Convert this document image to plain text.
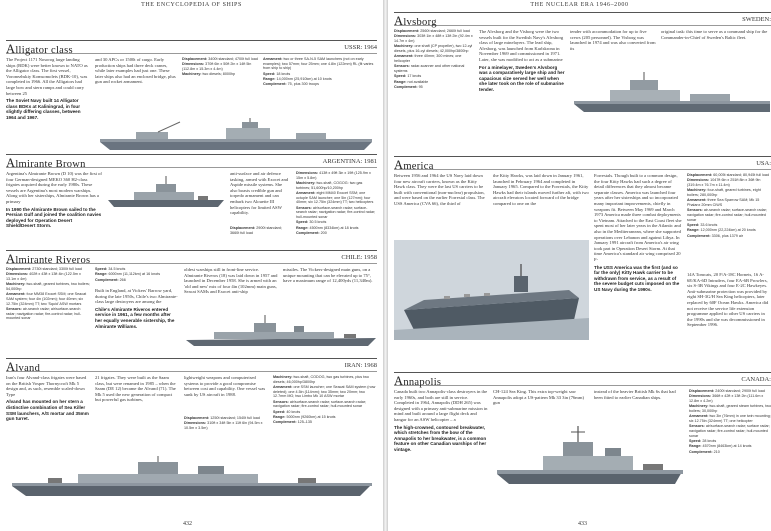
THE ENCYCLOPEDIA OF SHIPS
Alligator class	USSR: 1964

The Project 1171 Nosorog large landing ships (BDK) were better known to NATO as the Alligator class. The first vessel, Voronezhskiy Komsomolets (BDK-10), was completed in 1966. All the Alligators had large bow and stern ramps and could carry between 25

The Soviet Navy built 14 Alligator class BDKs at Kaliningrad, in four slightly differing classes, between 1964 and 1967.

and 30 APCs or 1500t of cargo. Early production ships had three deck cranes, while later examples had just one. These later ships also had an enclosed bridge, plus gun and rocket armament.

Displacement: 3400t standard; 4700t full load
Dimensions: 370ft 6in x 50ft 2in x 14ft 5in (112.8m x 15.3m x 4.4m)
Machinery: two diesels; 8000hp
Armament: two or three SA-N-5 SAM launchers (not on early examples); two 57mm; four 25mm; one 4.8in (122mm) RL (fit varies from ship to ship)
Speed: 18 knots
Range: 14,000nm (25,910km) at 10 knots
Complement: 75, plus 300 troops
Almirante Brown	ARGENTINA: 1981

Argentina's Almirante Brown (D 10) was the first of four German-designed MEKO 360 H2-class frigates acquired during the early 1980s. These vessels are Argentina's most modern warships. Along with her sisterships, Almirante Brown has a primary

In 1990 the Almirante Brown sailed to the Persian Gulf and joined the coalition navies deployed for Operation Desert Shield/Desert Storm.

anti-surface and air defence tasking, armed with Exocet and Aspide missile systems. She also boasts credible gun and torpedo armament and can embark two Alouette III helicopters for limited ASW capability.

Displacement: 2900t standard; 3660t full load
Dimensions: 413ft x 49ft 3in x 19ft (125.9m x 15m x 5.8m)
Machinery: two-shaft, COGOG: two gas turbines; 51,600hp/10,200hp
Armament: eight MM40 Exocet SSM; one octuple SAM launcher; one 5in (127mm); four 40mm; six 12.75in (324mm) TT; two helicopters
Sensors: air/surface-search radar; surface-search radar; navigation radar; fire-control radar; hull-mounted sonar
Speed: 30.5 knots
Range: 4500nm (8334km) at 18 knots
Complement: 200
Almirante Riveros	CHILE: 1958
Displacement: 2730t standard; 3300t full load
Dimensions: 402ft x 43ft x 13ft 4in (122.5m x 13.1m x 4m)
Machinery: two-shaft, geared turbines, two boilers; 54,000hp
Armament: four MM38 Exocet SSM; one Seacat SAM system; four 4in (102mm); four 40mm; six 12.75in (324mm) TT; two 'Squid' ASW mortars
Sensors: air-search radar; air/surface-search radar; navigation radar; fire-control radar; hull-mounted sonar
Speed: 34.5 knots
Range: 6000nm (11,112km) at 16 knots
Complement: 266

Built in England, at Vickers' Barrow yard, during the late 1950s, Chile's two Almirante-class large destroyers are among the

Chile's Almirante Riveros entered service in 1961, a few months after her equally venerable sistership, the Almirante Williams.

oldest warships still in front-line service. Almirante Riveros (18) was laid down in 1957 and launched in December 1958. She is armed with an 'old and new' mix of four 4in (102mm) main guns, Seacat SAMs and Exocet anti-ship

missiles. The Vickers-designed main guns, on a unique mounting that can be elevated up to 75°, have a maximum range of 12,400yds (11,340m).

Alvand	IRAN: 1968

Iran's four Alvand-class frigates were based on the British Vosper Thornycroft Mk 5 design and, as such, resemble scaled-down Type

Alvand has mounted on her stern a distinctive combination of Sea Killer SSM launchers, A/S mortar and 35mm gun turret.

21 frigates. They were built as the Saam class, but were renamed in 1985 – when the Saam (DE 12) became the Alvand (71). The Mk 5 used the new generation of compact but powerful gas turbines,

lightweight weapons and computerised systems to provide a good compromise between cost and capability. One vessel was sunk by US aircraft in 1988.

Displacement: 1250t standard; 1540t full load
Dimensions: 310ft x 34ft 5in x 11ft 6in (94.5m x 10.5m x 3.5m)
Machinery: two-shaft, CODOG, two gas turbines, plus two diesels; 46,000hp/3800hp
Armament: one SSM launcher; one Seacat SAM system (now deleted); one 4.5in (114mm); two 35mm; two 20mm; two 12.7mm MG; two Limbo Mk 10 ASW mortar
Sensors: air/surface-search radar; surface-search radar; navigation radar; fire-control radar; hull-mounted sonar
Speed: 40 knots
Range: 5000nm (9260km) at 15 knots
Complement: 125–135
432
THE NUCLEAR ERA 1946–2000
Alvsborg	SWEDEN:
Displacement: 2560t standard; 2660t full load
Dimensions: 303ft 1in x 48ft x 13ft 2in (92.4m x 14.7m x 4m)
Machinery: one shaft (CP propeller), two 12-cyl diesels, plus 16-cyl diesels; 42,000hp/3800hp
Armament: three 40mm; 300 mines; one helicopter
Sensors: radar-scanner and other national systems
Speed: 17 knots
Range: not available
Complement: 95

The Alvsborg and the Visborg were the two vessels built for the Swedish Navy's Alvsborg class of large minelayers. The lead ship, Alvsborg, was launched from Karlskrona in November 1969 and commissioned in 1971. Later, she was modified to act as a submarine

For a minelayer, Sweden's Alvsborg was a comparatively large ship and her capacious size served her well when she later took on the role of submarine tender.

tender with accommodation for up to five crews (205 personnel). The Visborg was launched in 1974 and was also converted from its

original task: this time to serve as a command ship for the Commander-in-Chief of Sweden's Baltic fleet.

America	USA:

Between 1956 and 1964 the US Navy laid down four new aircraft carriers, known as the Kitty Hawk class. They were the last US carriers to be built with conventional (non-nuclear) propulsion, and were based on the earlier Forrestal class. The USS America (CVA 66), the third of

the Kitty Hawks, was laid down in January 1961, launched in February 1964 and completed in January 1965. Compared to the Forrestals, the Kitty Hawks had their islands moved further aft, with two aircraft elevators located forward of the bridge compared to one on the

Forrestals. Though built to a common design, the four Kitty Hawks had such a degree of detail differences that they almost became separate classes. America was launched four years after her sisterships and so incorporated many important improvements, chiefly in weapons fit. Between May 1969 and March 1973 America made three combat deployments to Vietnam. Attached to the East Coast fleet she spent most of her later years in the Atlantic and also in the Mediterranean, where she supported operations over Lebanon and against Libya. In January 1991 aircraft from America's air wing took part in Operation Desert Storm. At that time America's standard air wing comprised 20 F-

The USS America was the first (and so far the only) Kitty Hawk carrier to be withdrawn from service, as a result of the severe budget cuts imposed on the US Navy during the 1990s.

Displacement: 60,005t standard; 80,945t full load
Dimensions: 1047ft 6in x 251ft 8in x 36ft 9in (319.4m x 76.7m x 11.4m)
Machinery: four-shaft, geared turbines, eight boilers; 280,000hp
Armament: three Sea Sparrow SAM; Mk 15 Phalanx 20mm CIWS
Sensors: air-search radar; surface-search radar; navigation radar; fire-control radar; hull-mounted sonar
Speed: 33.6 knots
Range: 12,000nm (22,224km) at 20 knots
Complement: 3306, plus 1379 air

14A Tomcats, 20 F/A-18C Hornets, 16 A-6E/KA-6D Intruders, four EA-6B Prowlers, six S-3B Vikings and four E-2C Hawkeyes. Anti-submarine protection was provided by eight SH-3G/H Sea King helicopters, later replaced by 60F Ocean Hawks. America did not receive the service life extension programme applied to other US carriers in the 1990s and she was decommissioned in September 1996.

Annapolis	CANADA:

Canada built two Annapolis-class destroyers in the early 1960s, and both are still in service. Completed in 1964, Annapolis (DDH 265) was designed with a primary anti-submarine mission in mind and built around a large flight deck and hangar for an ASW helicopter – a

The high-crowned, contoured breakwater, which stretches from the bow of the Annapolis to her breakwater, is a common feature on other Canadian warships of her vintage.

CH-124 Sea King. This extra top-weight saw Annapolis adopt a US-pattern Mk 33 3in (76mm) gun

instead of the heavier British Mk 6s that had been fitted to earlier Canadian ships.

Displacement: 2400t standard; 2900t full load
Dimensions: 366ft x 42ft x 13ft 2in (111.6m x 12.8m x 4.2m)
Machinery: two-shaft, geared steam turbines, two boilers; 30,000hp
Armament: two 3in (76mm) in one twin mounting; six 12.75in (324mm) TT; one helicopter
Sensors: air/surface-search radar; surface radar; navigation radar; fire-control radar; hull-mounted sonar
Speed: 28 knots
Range: 4570nm (8463km) at 14 knots
Complement: 210
433
